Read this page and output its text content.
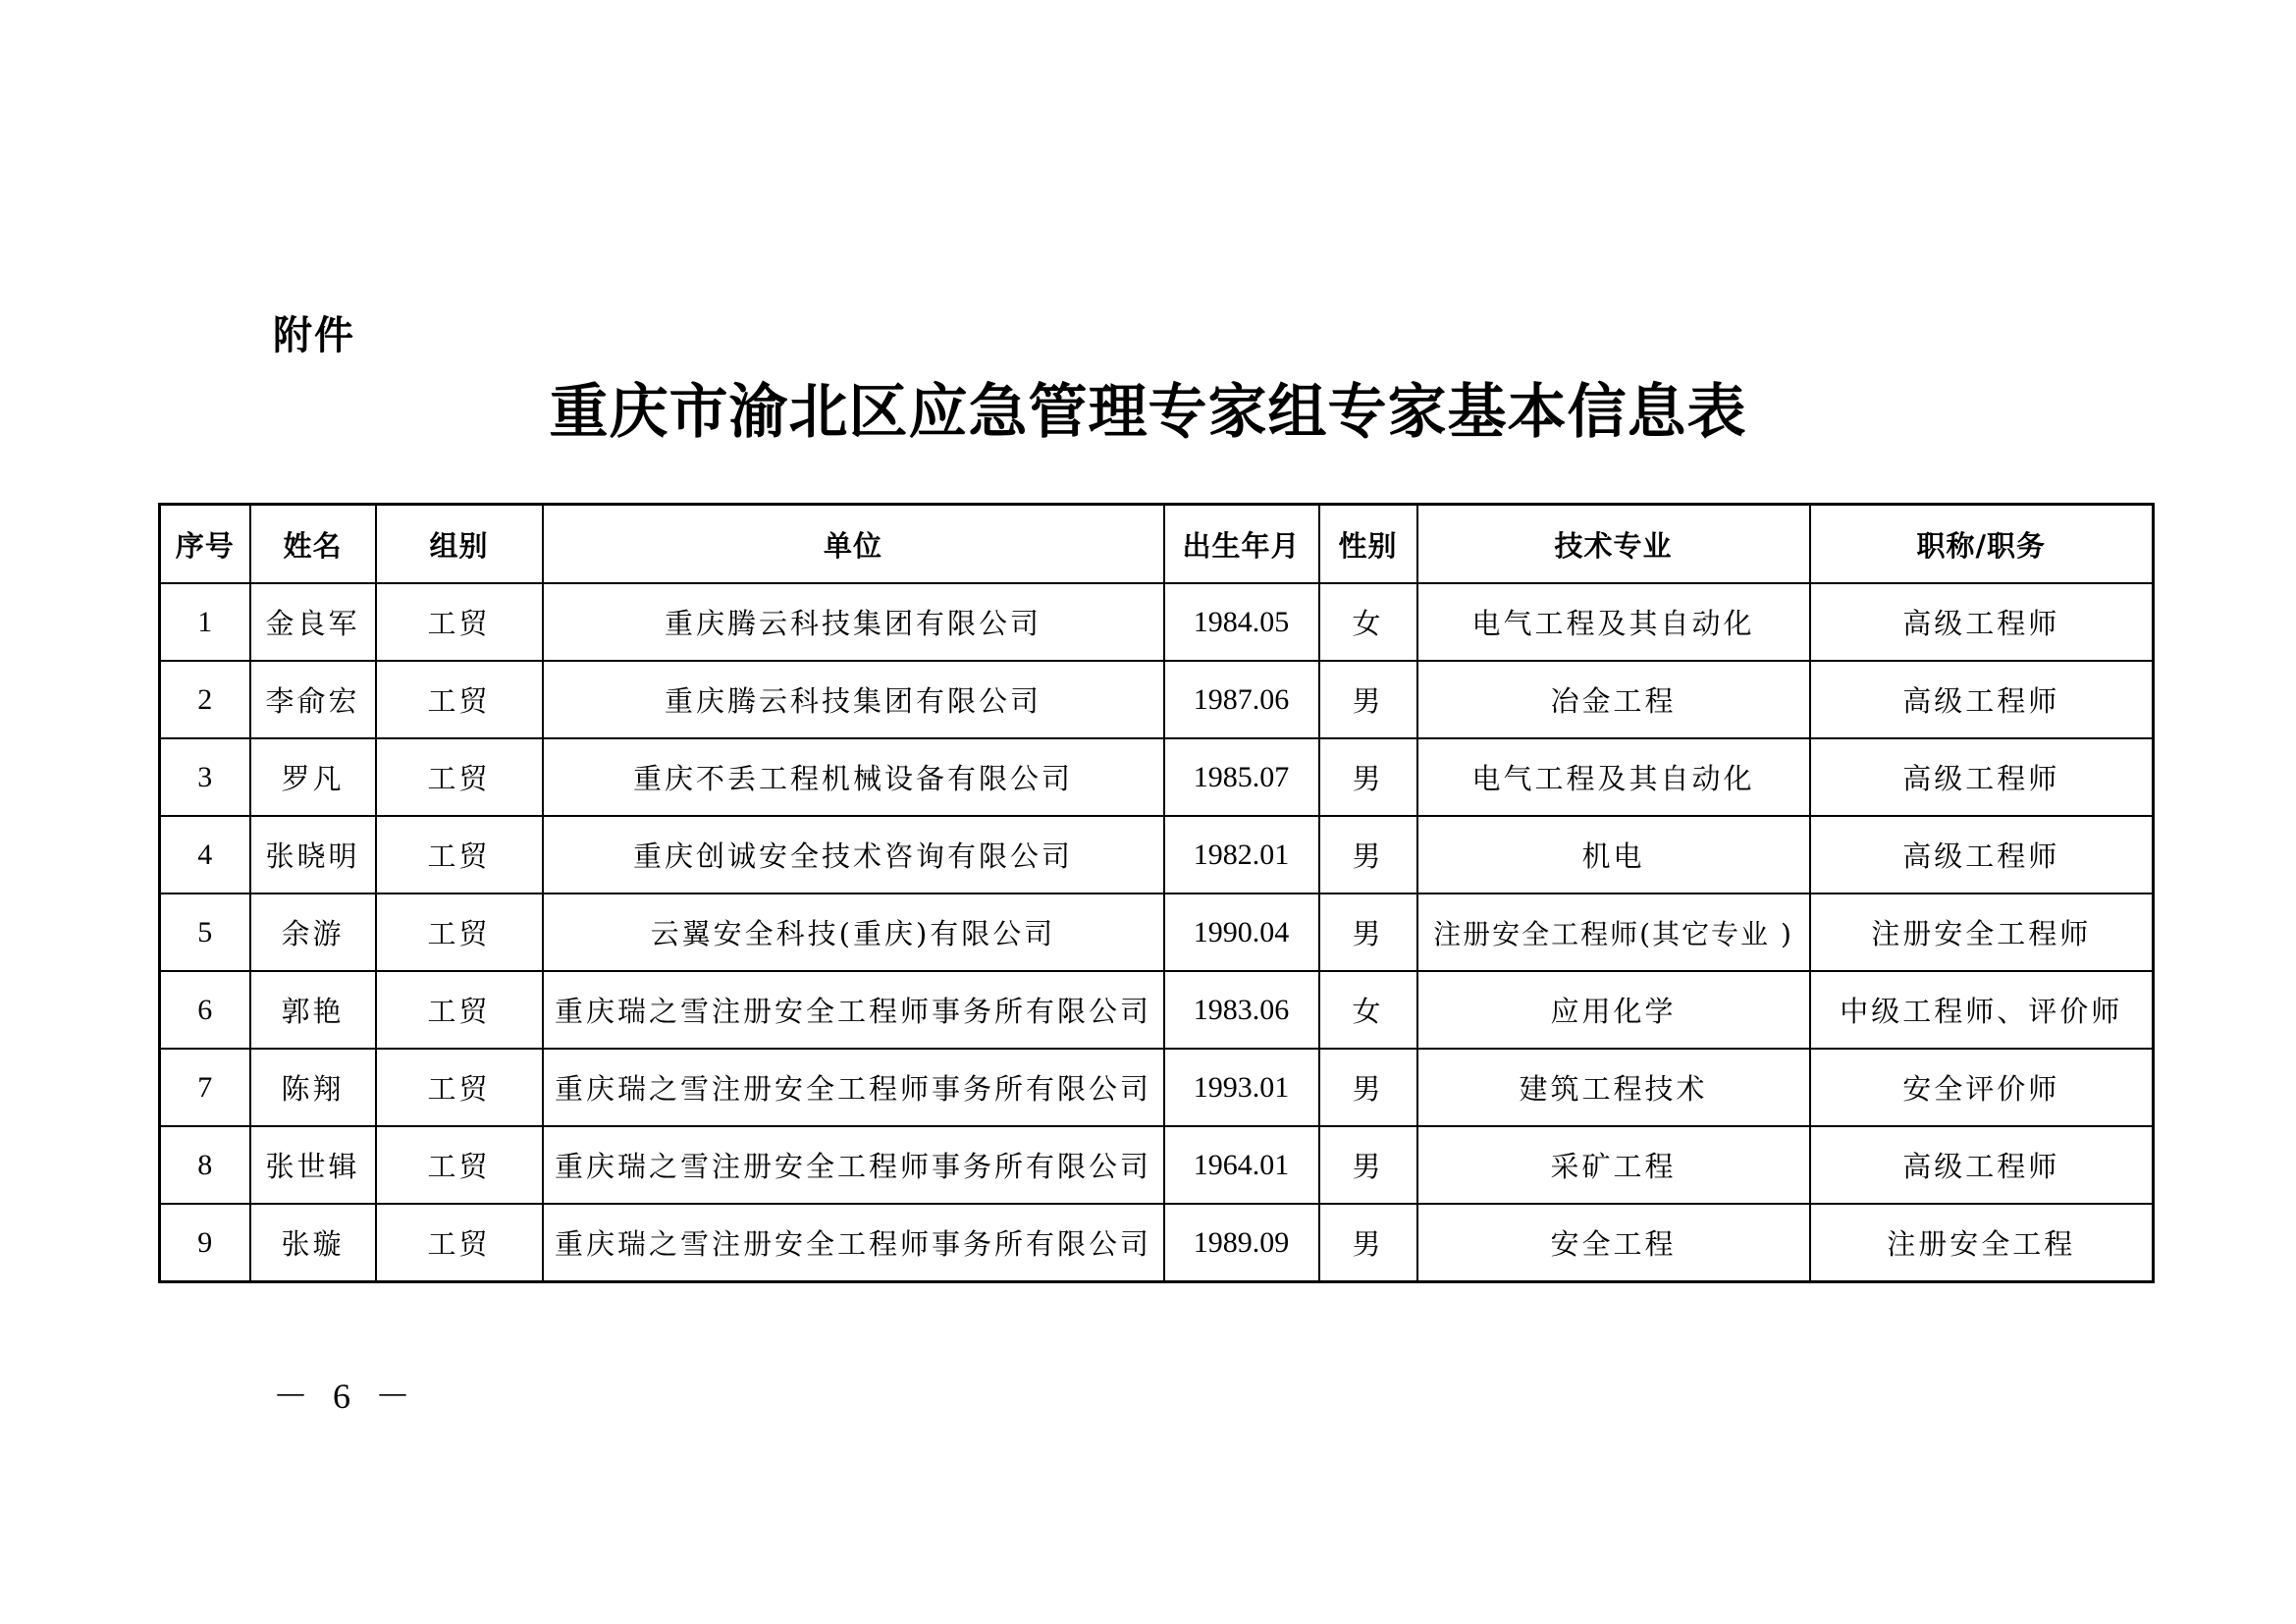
附件
重庆市渝北区应急管理专家组专家基本信息表
序号	姓名	组别	单位	出生年月	性别	技术专业	职称/职务
1	金良军	工贸	重庆腾云科技集团有限公司	1984.05	女	电气工程及其自动化	高级工程师
2	李俞宏	工贸	重庆腾云科技集团有限公司	1987.06	男	冶金工程	高级工程师
3	罗凡	工贸	重庆不丢工程机械设备有限公司	1985.07	男	电气工程及其自动化	高级工程师
4	张晓明	工贸	重庆创诚安全技术咨询有限公司	1982.01	男	机电	高级工程师
5	余游	工贸	云翼安全科技(重庆)有限公司	1990.04	男	注册安全工程师(其它专业 )	注册安全工程师
6	郭艳	工贸	重庆瑞之雪注册安全工程师事务所有限公司	1983.06	女	应用化学	中级工程师、评价师
7	陈翔	工贸	重庆瑞之雪注册安全工程师事务所有限公司	1993.01	男	建筑工程技术	安全评价师
8	张世辑	工贸	重庆瑞之雪注册安全工程师事务所有限公司	1964.01	男	采矿工程	高级工程师
9	张璇	工贸	重庆瑞之雪注册安全工程师事务所有限公司	1989.09	男	安全工程	注册安全工程
－ 6 －
